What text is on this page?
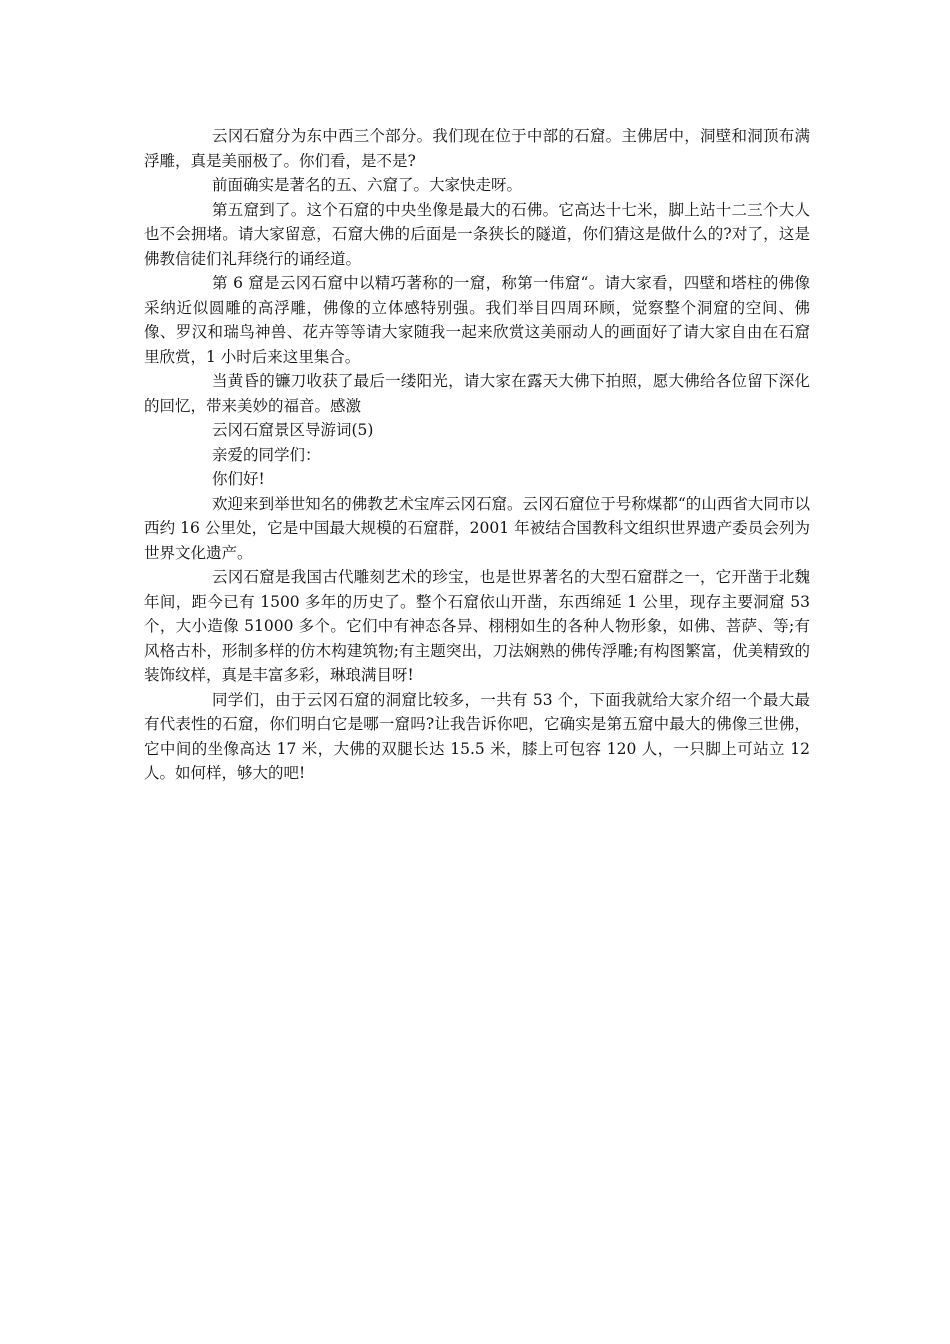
云冈石窟分为东中西三个部分。我们现在位于中部的石窟。主佛居中，洞壁和洞顶布满浮雕，真是美丽极了。你们看，是不是?

前面确实是著名的五、六窟了。大家快走呀。

第五窟到了。这个石窟的中央坐像是最大的石佛。它高达十七米，脚上站十二三个大人也不会拥堵。请大家留意，石窟大佛的后面是一条狭长的隧道，你们猜这是做什么的?对了，这是佛教信徒们礼拜绕行的诵经道。

第 6 窟是云冈石窟中以精巧著称的一窟，称第一伟窟“。请大家看，四壁和塔柱的佛像采纳近似圆雕的高浮雕，佛像的立体感特别强。我们举目四周环顾，觉察整个洞窟的空间、佛像、罗汉和瑞鸟神兽、花卉等等请大家随我一起来欣赏这美丽动人的画面好了请大家自由在石窟里欣赏，1 小时后来这里集合。

当黄昏的镰刀收获了最后一缕阳光，请大家在露天大佛下拍照，愿大佛给各位留下深化的回忆，带来美妙的福音。感激

云冈石窟景区导游词(5)

亲爱的同学们：

你们好!

欢迎来到举世知名的佛教艺术宝库云冈石窟。云冈石窟位于号称煤都“的山西省大同市以西约 16 公里处，它是中国最大规模的石窟群，2001 年被结合国教科文组织世界遗产委员会列为世界文化遗产。

云冈石窟是我国古代雕刻艺术的珍宝，也是世界著名的大型石窟群之一，它开凿于北魏年间，距今已有 1500 多年的历史了。整个石窟依山开凿，东西绵延 1 公里，现存主要洞窟 53 个，大小造像 51000 多个。它们中有神态各异、栩栩如生的各种人物形象，如佛、菩萨、等;有风格古朴，形制多样的仿木构建筑物;有主题突出，刀法娴熟的佛传浮雕;有构图繁富，优美精致的装饰纹样，真是丰富多彩，琳琅满目呀!

同学们，由于云冈石窟的洞窟比较多，一共有 53 个，下面我就给大家介绍一个最大最有代表性的石窟，你们明白它是哪一窟吗?让我告诉你吧，它确实是第五窟中最大的佛像三世佛，它中间的坐像高达 17 米，大佛的双腿长达 15.5 米，膝上可包容 120 人，一只脚上可站立 12 人。如何样，够大的吧!
